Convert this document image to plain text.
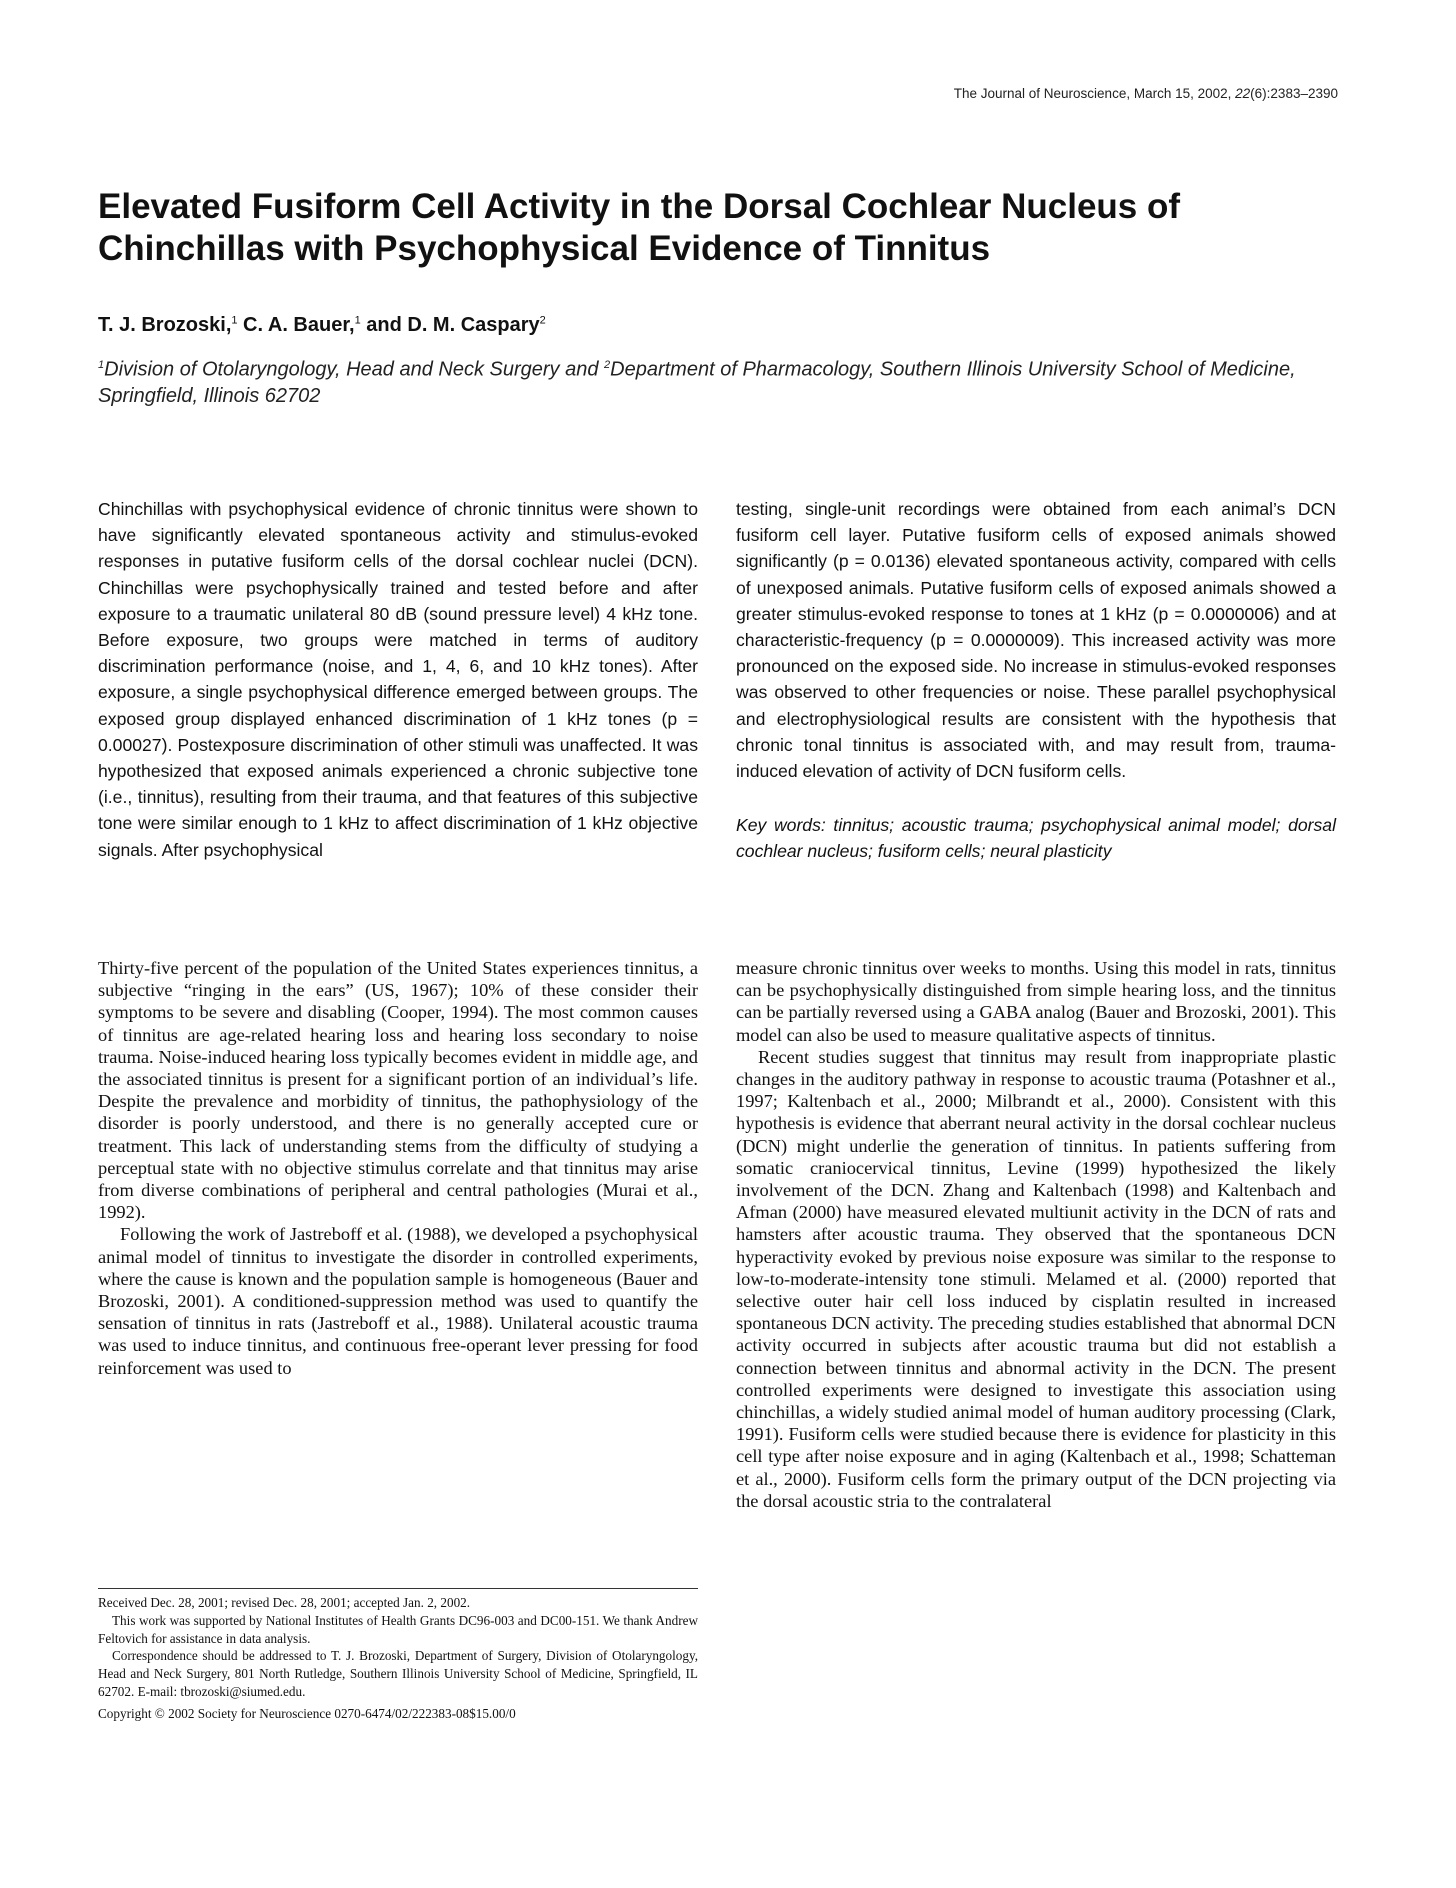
The Journal of Neuroscience, March 15, 2002, 22(6):2383–2390
Elevated Fusiform Cell Activity in the Dorsal Cochlear Nucleus of Chinchillas with Psychophysical Evidence of Tinnitus

T. J. Brozoski,$^1$ C. A. Bauer,$^1$ and D. M. Caspary$^2$

$^1$Division of Otolaryngology, Head and Neck Surgery and $^2$Department of Pharmacology, Southern Illinois University School of Medicine, Springfield, Illinois 62702

Chinchillas with psychophysical evidence of chronic tinnitus were shown to have significantly elevated spontaneous activity and stimulus-evoked responses in putative fusiform cells of the dorsal cochlear nuclei (DCN). Chinchillas were psychophysically trained and tested before and after exposure to a traumatic unilateral 80 dB (sound pressure level) 4 kHz tone. Before exposure, two groups were matched in terms of auditory discrimination performance (noise, and 1, 4, 6, and 10 kHz tones). After exposure, a single psychophysical difference emerged between groups. The exposed group displayed enhanced discrimination of 1 kHz tones (p = 0.00027). Postexposure discrimination of other stimuli was unaffected. It was hypothesized that exposed animals experienced a chronic subjective tone (i.e., tinnitus), resulting from their trauma, and that features of this subjective tone were similar enough to 1 kHz to affect discrimination of 1 kHz objective signals. After psychophysical

testing, single-unit recordings were obtained from each animal’s DCN fusiform cell layer. Putative fusiform cells of exposed animals showed significantly (p = 0.0136) elevated spontaneous activity, compared with cells of unexposed animals. Putative fusiform cells of exposed animals showed a greater stimulus-evoked response to tones at 1 kHz (p = 0.0000006) and at characteristic-frequency (p = 0.0000009). This increased activity was more pronounced on the exposed side. No increase in stimulus-evoked responses was observed to other frequencies or noise. These parallel psychophysical and electrophysiological results are consistent with the hypothesis that chronic tonal tinnitus is associated with, and may result from, trauma-induced elevation of activity of DCN fusiform cells.

Key words: tinnitus; acoustic trauma; psychophysical animal model; dorsal cochlear nucleus; fusiform cells; neural plasticity

Thirty-five percent of the population of the United States experiences tinnitus, a subjective “ringing in the ears” (US, 1967); 10% of these consider their symptoms to be severe and disabling (Cooper, 1994). The most common causes of tinnitus are age-related hearing loss and hearing loss secondary to noise trauma. Noise-induced hearing loss typically becomes evident in middle age, and the associated tinnitus is present for a significant portion of an individual’s life. Despite the prevalence and morbidity of tinnitus, the pathophysiology of the disorder is poorly understood, and there is no generally accepted cure or treatment. This lack of understanding stems from the difficulty of studying a perceptual state with no objective stimulus correlate and that tinnitus may arise from diverse combinations of peripheral and central pathologies (Murai et al., 1992).

Following the work of Jastreboff et al. (1988), we developed a psychophysical animal model of tinnitus to investigate the disorder in controlled experiments, where the cause is known and the population sample is homogeneous (Bauer and Brozoski, 2001). A conditioned-suppression method was used to quantify the sensation of tinnitus in rats (Jastreboff et al., 1988). Unilateral acoustic trauma was used to induce tinnitus, and continuous free-operant lever pressing for food reinforcement was used to

measure chronic tinnitus over weeks to months. Using this model in rats, tinnitus can be psychophysically distinguished from simple hearing loss, and the tinnitus can be partially reversed using a GABA analog (Bauer and Brozoski, 2001). This model can also be used to measure qualitative aspects of tinnitus.

Recent studies suggest that tinnitus may result from inappropriate plastic changes in the auditory pathway in response to acoustic trauma (Potashner et al., 1997; Kaltenbach et al., 2000; Milbrandt et al., 2000). Consistent with this hypothesis is evidence that aberrant neural activity in the dorsal cochlear nucleus (DCN) might underlie the generation of tinnitus. In patients suffering from somatic craniocervical tinnitus, Levine (1999) hypothesized the likely involvement of the DCN. Zhang and Kaltenbach (1998) and Kaltenbach and Afman (2000) have measured elevated multiunit activity in the DCN of rats and hamsters after acoustic trauma. They observed that the spontaneous DCN hyperactivity evoked by previous noise exposure was similar to the response to low-to-moderate-intensity tone stimuli. Melamed et al. (2000) reported that selective outer hair cell loss induced by cisplatin resulted in increased spontaneous DCN activity. The preceding studies established that abnormal DCN activity occurred in subjects after acoustic trauma but did not establish a connection between tinnitus and abnormal activity in the DCN. The present controlled experiments were designed to investigate this association using chinchillas, a widely studied animal model of human auditory processing (Clark, 1991). Fusiform cells were studied because there is evidence for plasticity in this cell type after noise exposure and in aging (Kaltenbach et al., 1998; Schatteman et al., 2000). Fusiform cells form the primary output of the DCN projecting via the dorsal acoustic stria to the contralateral

Received Dec. 28, 2001; revised Dec. 28, 2001; accepted Jan. 2, 2002.

This work was supported by National Institutes of Health Grants DC96-003 and DC00-151. We thank Andrew Feltovich for assistance in data analysis.

Correspondence should be addressed to T. J. Brozoski, Department of Surgery, Division of Otolaryngology, Head and Neck Surgery, 801 North Rutledge, Southern Illinois University School of Medicine, Springfield, IL 62702. E-mail: tbrozoski@siumed.edu.

Copyright © 2002 Society for Neuroscience 0270-6474/02/222383-08$15.00/0
